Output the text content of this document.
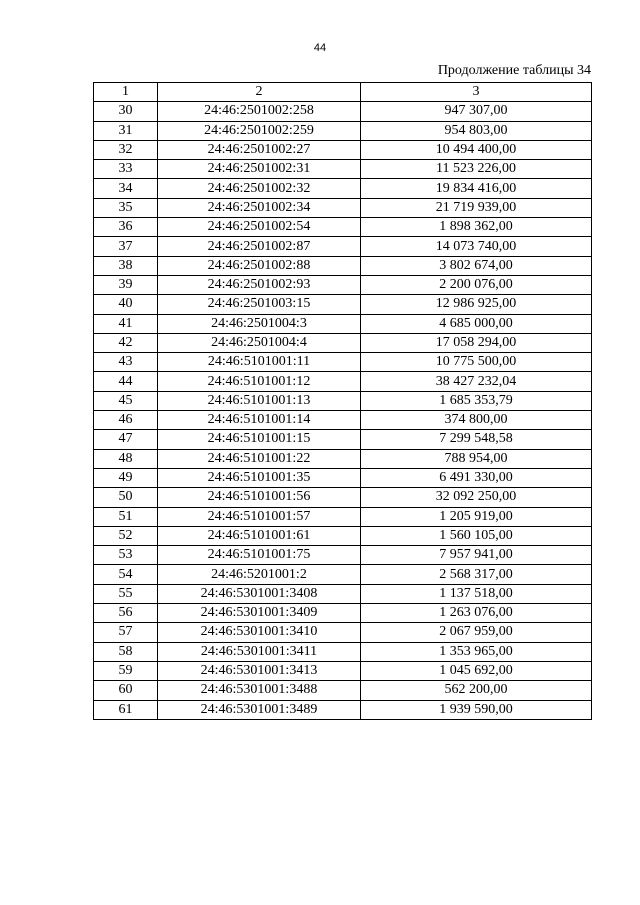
44
Продолжение таблицы 34
1	2	3
30	24:46:2501002:258	947 307,00
31	24:46:2501002:259	954 803,00
32	24:46:2501002:27	10 494 400,00
33	24:46:2501002:31	11 523 226,00
34	24:46:2501002:32	19 834 416,00
35	24:46:2501002:34	21 719 939,00
36	24:46:2501002:54	1 898 362,00
37	24:46:2501002:87	14 073 740,00
38	24:46:2501002:88	3 802 674,00
39	24:46:2501002:93	2 200 076,00
40	24:46:2501003:15	12 986 925,00
41	24:46:2501004:3	4 685 000,00
42	24:46:2501004:4	17 058 294,00
43	24:46:5101001:11	10 775 500,00
44	24:46:5101001:12	38 427 232,04
45	24:46:5101001:13	1 685 353,79
46	24:46:5101001:14	374 800,00
47	24:46:5101001:15	7 299 548,58
48	24:46:5101001:22	788 954,00
49	24:46:5101001:35	6 491 330,00
50	24:46:5101001:56	32 092 250,00
51	24:46:5101001:57	1 205 919,00
52	24:46:5101001:61	1 560 105,00
53	24:46:5101001:75	7 957 941,00
54	24:46:5201001:2	2 568 317,00
55	24:46:5301001:3408	1 137 518,00
56	24:46:5301001:3409	1 263 076,00
57	24:46:5301001:3410	2 067 959,00
58	24:46:5301001:3411	1 353 965,00
59	24:46:5301001:3413	1 045 692,00
60	24:46:5301001:3488	562 200,00
61	24:46:5301001:3489	1 939 590,00
